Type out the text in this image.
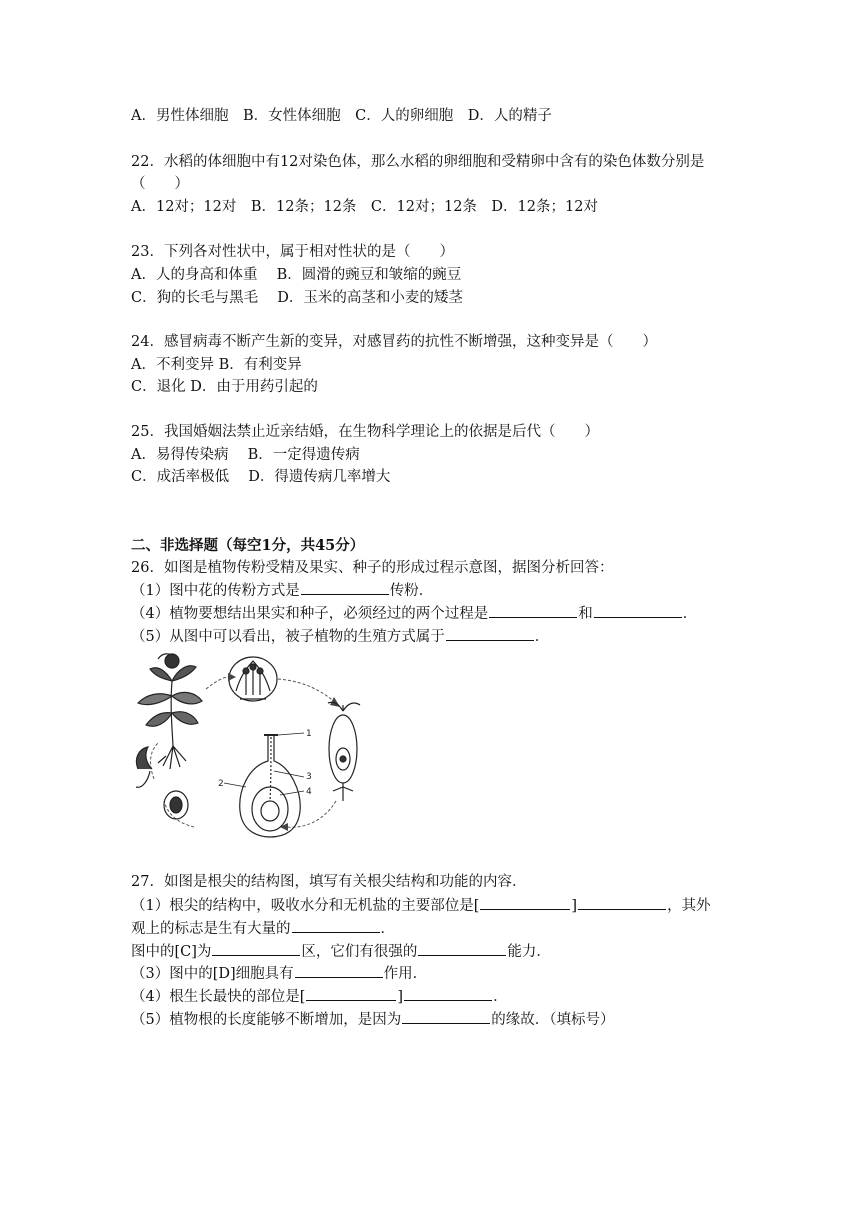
A．男性体细胞　B．女性体细胞　C．人的卵细胞　D．人的精子
22．水稻的体细胞中有12对染色体，那么水稻的卵细胞和受精卵中含有的染色体数分别是
（　　）
A．12对；12对　B．12条；12条　C．12对；12条　D．12条；12对
23．下列各对性状中，属于相对性状的是（　　）
A．人的身高和体重　 B．圆滑的豌豆和皱缩的豌豆
C．狗的长毛与黑毛　 D．玉米的高茎和小麦的矮茎
24．感冒病毒不断产生新的变异，对感冒药的抗性不断增强，这种变异是（　　）
A．不利变异 B．有利变异
C．退化 D．由于用药引起的
25．我国婚姻法禁止近亲结婚，在生物科学理论上的依据是后代（　　）
A．易得传染病　 B．一定得遗传病
C．成活率极低　 D．得遗传病几率增大
二、非选择题（每空1分，共45分）
26．如图是植物传粉受精及果实、种子的形成过程示意图，据图分析回答：
（1）图中花的传粉方式是	传粉．
（4）植物要想结出果实和种子，必须经过的两个过程是	和	．
（5）从图中可以看出，被子植物的生殖方式属于	．
1
2
3
4
27．如图是根尖的结构图，填写有关根尖结构和功能的内容．
（1）根尖的结构中，吸收水分和无机盐的主要部位是[	]	，其外
观上的标志是生有大量的	．
图中的[C]为	区，它们有很强的	能力．
（3）图中的[D]细胞具有	作用．
（4）根生长最快的部位是[	]	．
（5）植物根的长度能够不断增加，是因为	的缘故．（填标号）
